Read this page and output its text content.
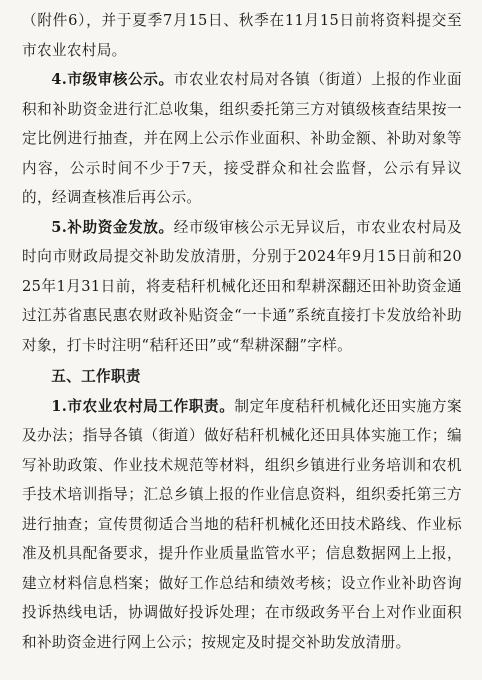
（附件6），并于夏季7月15日、秋季在11月15日前将资料提交至市农业农村局。

4.市级审核公示。市农业农村局对各镇（街道）上报的作业面积和补助资金进行汇总收集，组织委托第三方对镇级核查结果按一定比例进行抽查，并在网上公示作业面积、补助金额、补助对象等内容，公示时间不少于7天，接受群众和社会监督，公示有异议的，经调查核准后再公示。

5.补助资金发放。经市级审核公示无异议后，市农业农村局及时向市财政局提交补助发放清册，分别于2024年9月15日前和2025年1月31日前，将麦秸秆机械化还田和犁耕深翻还田补助资金通过江苏省惠民惠农财政补贴资金“一卡通”系统直接打卡发放给补助对象，打卡时注明“秸秆还田”或“犁耕深翻”字样。

五、工作职责

1.市农业农村局工作职责。制定年度秸秆机械化还田实施方案及办法；指导各镇（街道）做好秸秆机械化还田具体实施工作；编写补助政策、作业技术规范等材料，组织乡镇进行业务培训和农机手技术培训指导；汇总乡镇上报的作业信息资料，组织委托第三方进行抽查；宣传贯彻适合当地的秸秆机械化还田技术路线、作业标准及机具配备要求，提升作业质量监管水平；信息数据网上上报，建立材料信息档案；做好工作总结和绩效考核；设立作业补助咨询投诉热线电话，协调做好投诉处理；在市级政务平台上对作业面积和补助资金进行网上公示；按规定及时提交补助发放清册。
